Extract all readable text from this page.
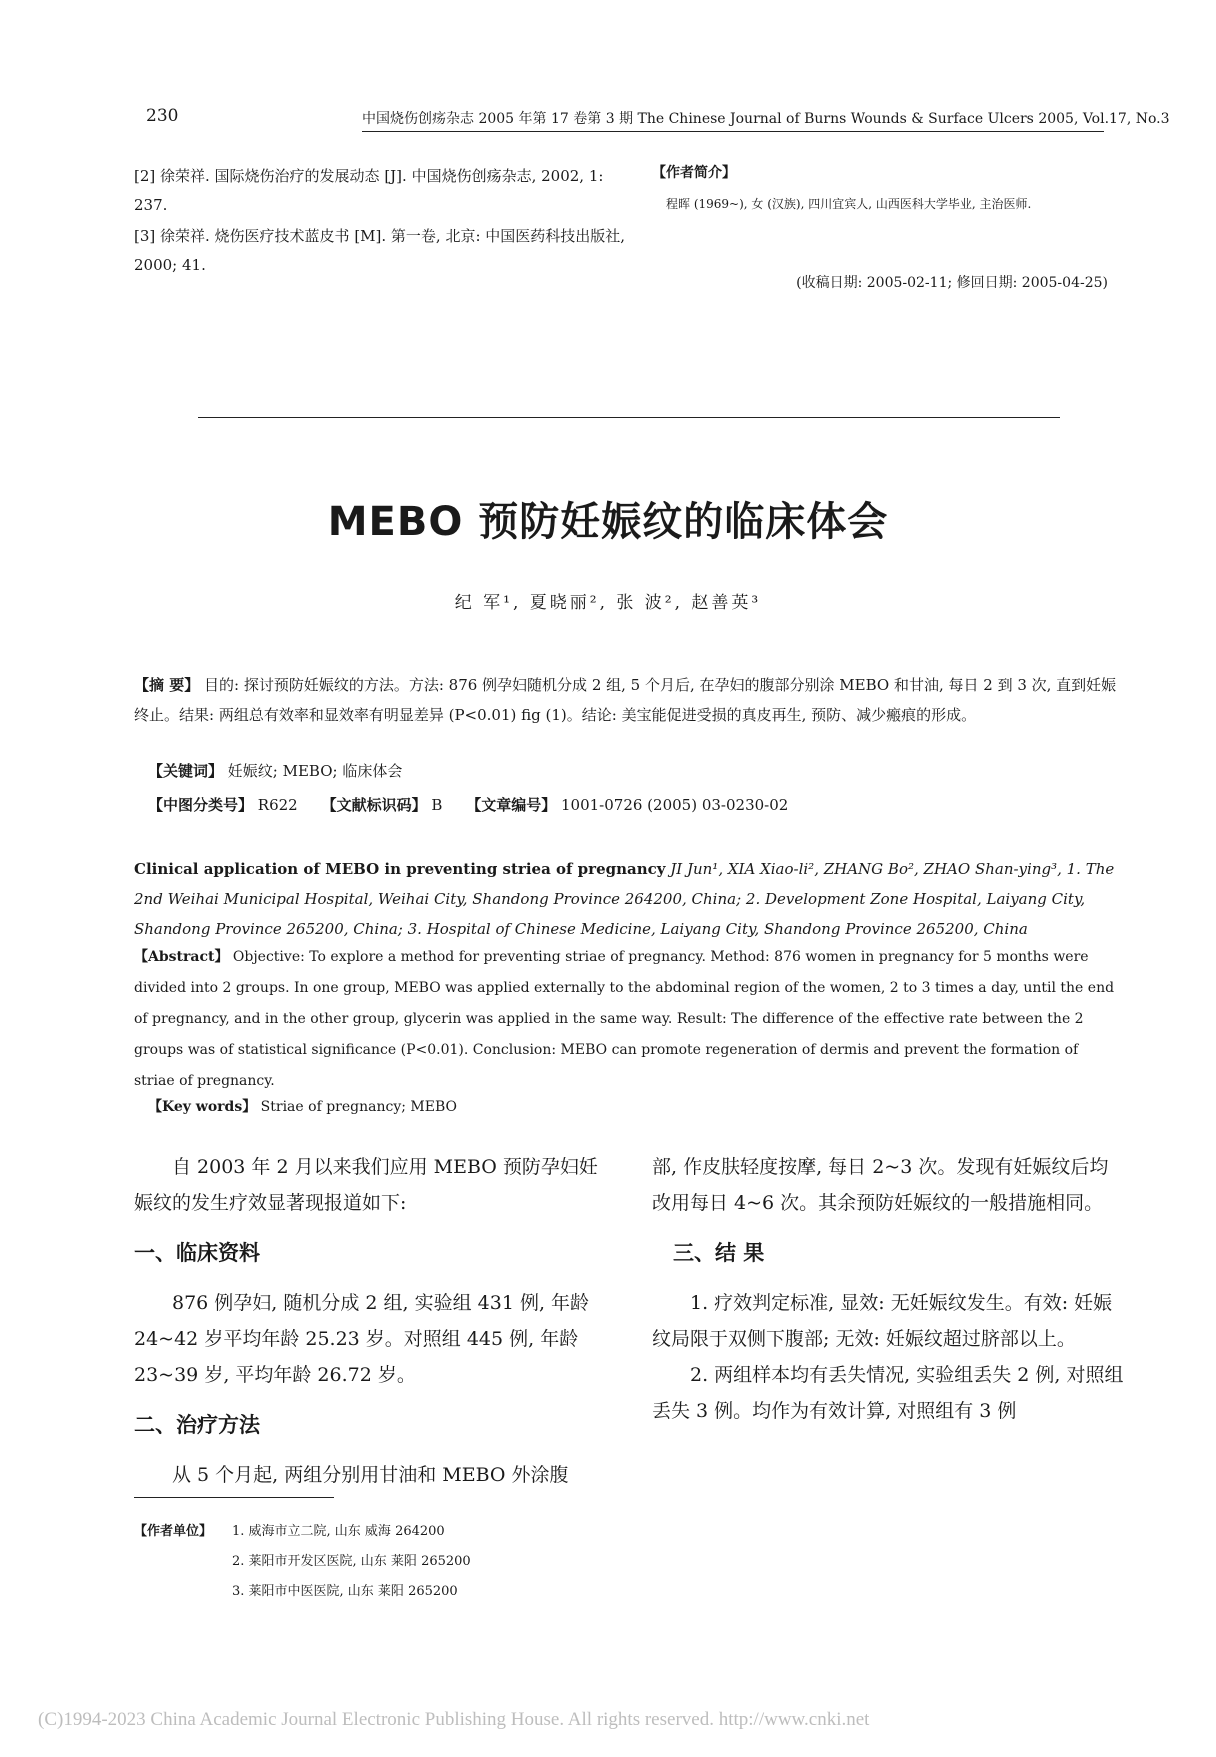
230	中国烧伤创疡杂志 2005 年第 17 卷第 3 期 The Chinese Journal of Burns Wounds & Surface Ulcers 2005, Vol.17, No.3
[2] 徐荣祥. 国际烧伤治疗的发展动态 [J]. 中国烧伤创疡杂志, 2002, 1: 237.
[3] 徐荣祥. 烧伤医疗技术蓝皮书 [M]. 第一卷, 北京: 中国医药科技出版社, 2000; 41.
【作者简介】
程晖 (1969~), 女 (汉族), 四川宜宾人, 山西医科大学毕业, 主治医师.
(收稿日期: 2005-02-11; 修回日期: 2005-04-25)
MEBO 预防妊娠纹的临床体会
纪 军¹, 夏晓丽², 张 波², 赵善英³
【摘 要】 目的: 探讨预防妊娠纹的方法。方法: 876 例孕妇随机分成 2 组, 5 个月后, 在孕妇的腹部分别涂 MEBO 和甘油, 每日 2 到 3 次, 直到妊娠终止。结果: 两组总有效率和显效率有明显差异 (P<0.01) fig (1)。结论: 美宝能促进受损的真皮再生, 预防、减少瘢痕的形成。
【关键词】 妊娠纹; MEBO; 临床体会
【中图分类号】 R622 【文献标识码】 B 【文章编号】 1001-0726 (2005) 03-0230-02
Clinical application of MEBO in preventing striea of pregnancy JI Jun¹, XIA Xiao-li², ZHANG Bo², ZHAO Shan-ying³, 1. The 2nd Weihai Municipal Hospital, Weihai City, Shandong Province 264200, China; 2. Development Zone Hospital, Laiyang City, Shandong Province 265200, China; 3. Hospital of Chinese Medicine, Laiyang City, Shandong Province 265200, China
【Abstract】 Objective: To explore a method for preventing striae of pregnancy. Method: 876 women in pregnancy for 5 months were divided into 2 groups. In one group, MEBO was applied externally to the abdominal region of the women, 2 to 3 times a day, until the end of pregnancy, and in the other group, glycerin was applied in the same way. Result: The difference of the effective rate between the 2 groups was of statistical significance (P<0.01). Conclusion: MEBO can promote regeneration of dermis and prevent the formation of striae of pregnancy.
【Key words】 Striae of pregnancy; MEBO

自 2003 年 2 月以来我们应用 MEBO 预防孕妇妊娠纹的发生疗效显著现报道如下:

一、临床资料

876 例孕妇, 随机分成 2 组, 实验组 431 例, 年龄 24~42 岁平均年龄 25.23 岁。对照组 445 例, 年龄 23~39 岁, 平均年龄 26.72 岁。

二、治疗方法

从 5 个月起, 两组分别用甘油和 MEBO 外涂腹

部, 作皮肤轻度按摩, 每日 2~3 次。发现有妊娠纹后均改用每日 4~6 次。其余预防妊娠纹的一般措施相同。

三、结 果

1. 疗效判定标准, 显效: 无妊娠纹发生。有效: 妊娠纹局限于双侧下腹部; 无效: 妊娠纹超过脐部以上。

2. 两组样本均有丢失情况, 实验组丢失 2 例, 对照组丢失 3 例。均作为有效计算, 对照组有 3 例

【作者单位】 1. 威海市立二院, 山东 威海 264200
2. 莱阳市开发区医院, 山东 莱阳 265200
3. 莱阳市中医医院, 山东 莱阳 265200
(C)1994-2023 China Academic Journal Electronic Publishing House. All rights reserved. http://www.cnki.net
